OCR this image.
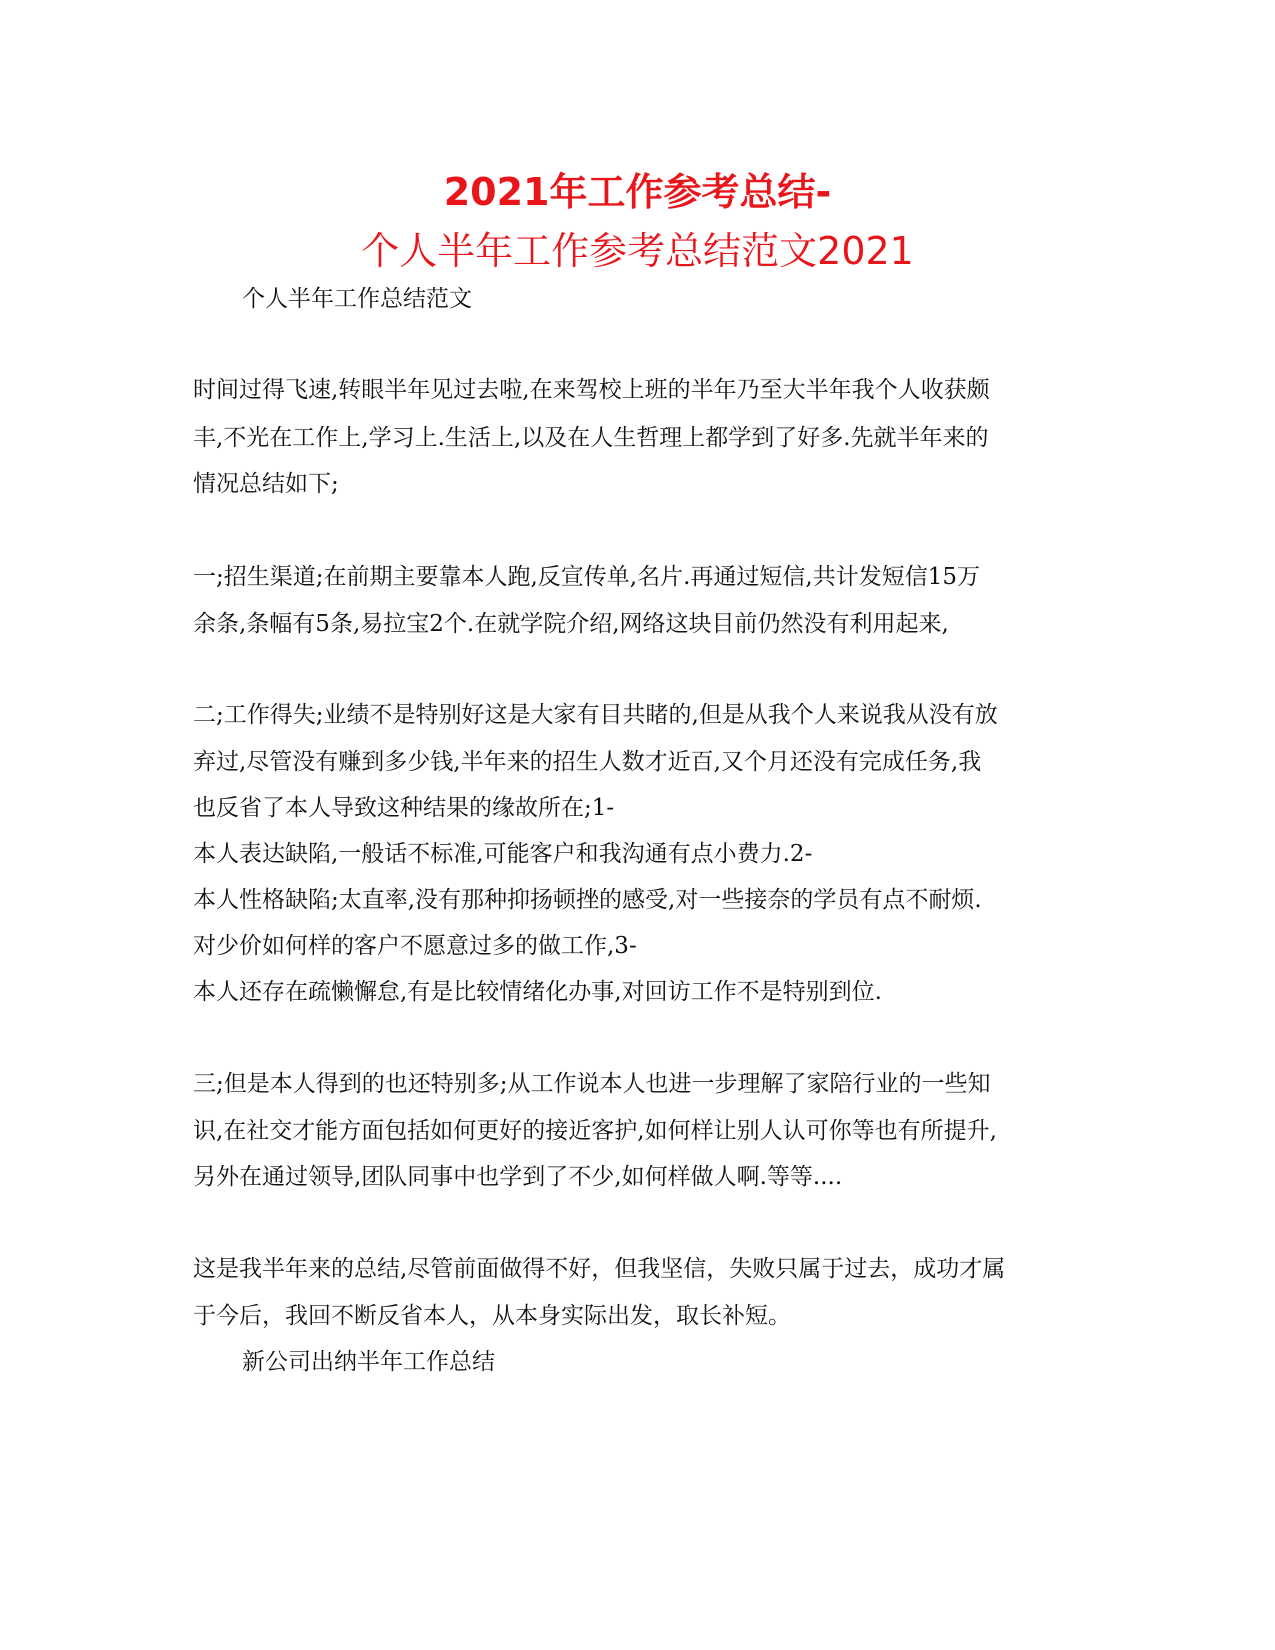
2021年工作参考总结-
个人半年工作参考总结范文2021
个人半年工作总结范文
时间过得飞速,转眼半年见过去啦,在来驾校上班的半年乃至大半年我个人收获颇
丰,不光在工作上,学习上.生活上,以及在人生哲理上都学到了好多.先就半年来的
情况总结如下;
一;招生渠道;在前期主要靠本人跑,反宣传单,名片.再通过短信,共计发短信15万
余条,条幅有5条,易拉宝2个.在就学院介绍,网络这块目前仍然没有利用起来,
二;工作得失;业绩不是特别好这是大家有目共睹的,但是从我个人来说我从没有放
弃过,尽管没有赚到多少钱,半年来的招生人数才近百,又个月还没有完成任务,我
也反省了本人导致这种结果的缘故所在;1-
本人表达缺陷,一般话不标准,可能客户和我沟通有点小费力.2-
本人性格缺陷;太直率,没有那种抑扬顿挫的感受,对一些接奈的学员有点不耐烦.
对少价如何样的客户不愿意过多的做工作,3-
本人还存在疏懒懈怠,有是比较情绪化办事,对回访工作不是特别到位.
三;但是本人得到的也还特别多;从工作说本人也进一步理解了家陪行业的一些知
识,在社交才能方面包括如何更好的接近客护,如何样让别人认可你等也有所提升,
另外在通过领导,团队同事中也学到了不少,如何样做人啊.等等....
这是我半年来的总结,尽管前面做得不好，但我坚信，失败只属于过去，成功才属
于今后，我回不断反省本人，从本身实际出发，取长补短。
新公司出纳半年工作总结
